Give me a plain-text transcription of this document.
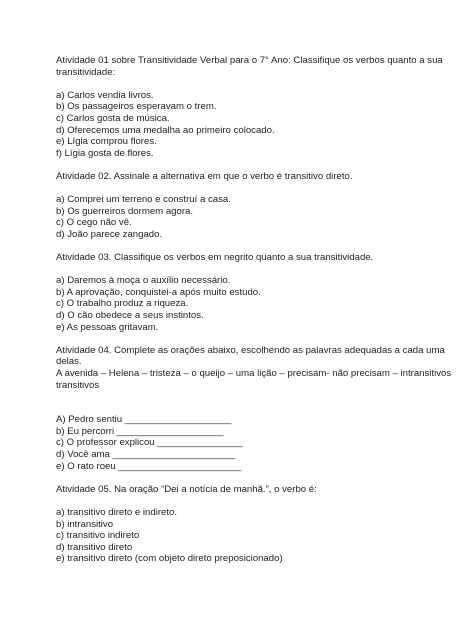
Atividade 01 sobre Transitividade Verbal para o 7° Ano: Classifique os verbos quanto a sua
transitividade:
a) Carlos vendia livros.
b) Os passageiros esperavam o trem.
c) Carlos gosta de música.
d) Oferecemos uma medalha ao primeiro colocado.
e) Lígia comprou flores.
f) Lígia gosta de flores.
Atividade 02. Assinale a alternativa em que o verbo é transitivo direto.
a) Comprei um terreno e construí a casa.
b) Os guerreiros dormem agora.
c) O cego não vê.
d) João parece zangado.
Atividade 03. Classifique os verbos em negrito quanto a sua transitividade.
a) Daremos à moça o auxílio necessário.
b) A aprovação, conquistei-a após muito estudo.
c) O trabalho produz a riqueza.
d) O cão obedece a seus instintos.
e) As pessoas gritavam.
Atividade 04. Complete as orações abaixo, escolhendo as palavras adequadas a cada uma
delas.
A avenida – Helena – tristeza – o queijo – uma lição – precisam- não precisam – intransitivos
transitivos
A) Pedro sentiu ____________________
b) Eu percorri ____________________
c) O professor explicou ________________
d) Você ama _______________________
e) O rato roeu _______________________
Atividade 05. Na oração “Dei a notícia de manhã.”, o verbo é:
a) transitivo direto e indireto.
b) intransitivo
c) transitivo indireto
d) transitivo direto
e) transitivo direto (com objeto direto preposicionado)
